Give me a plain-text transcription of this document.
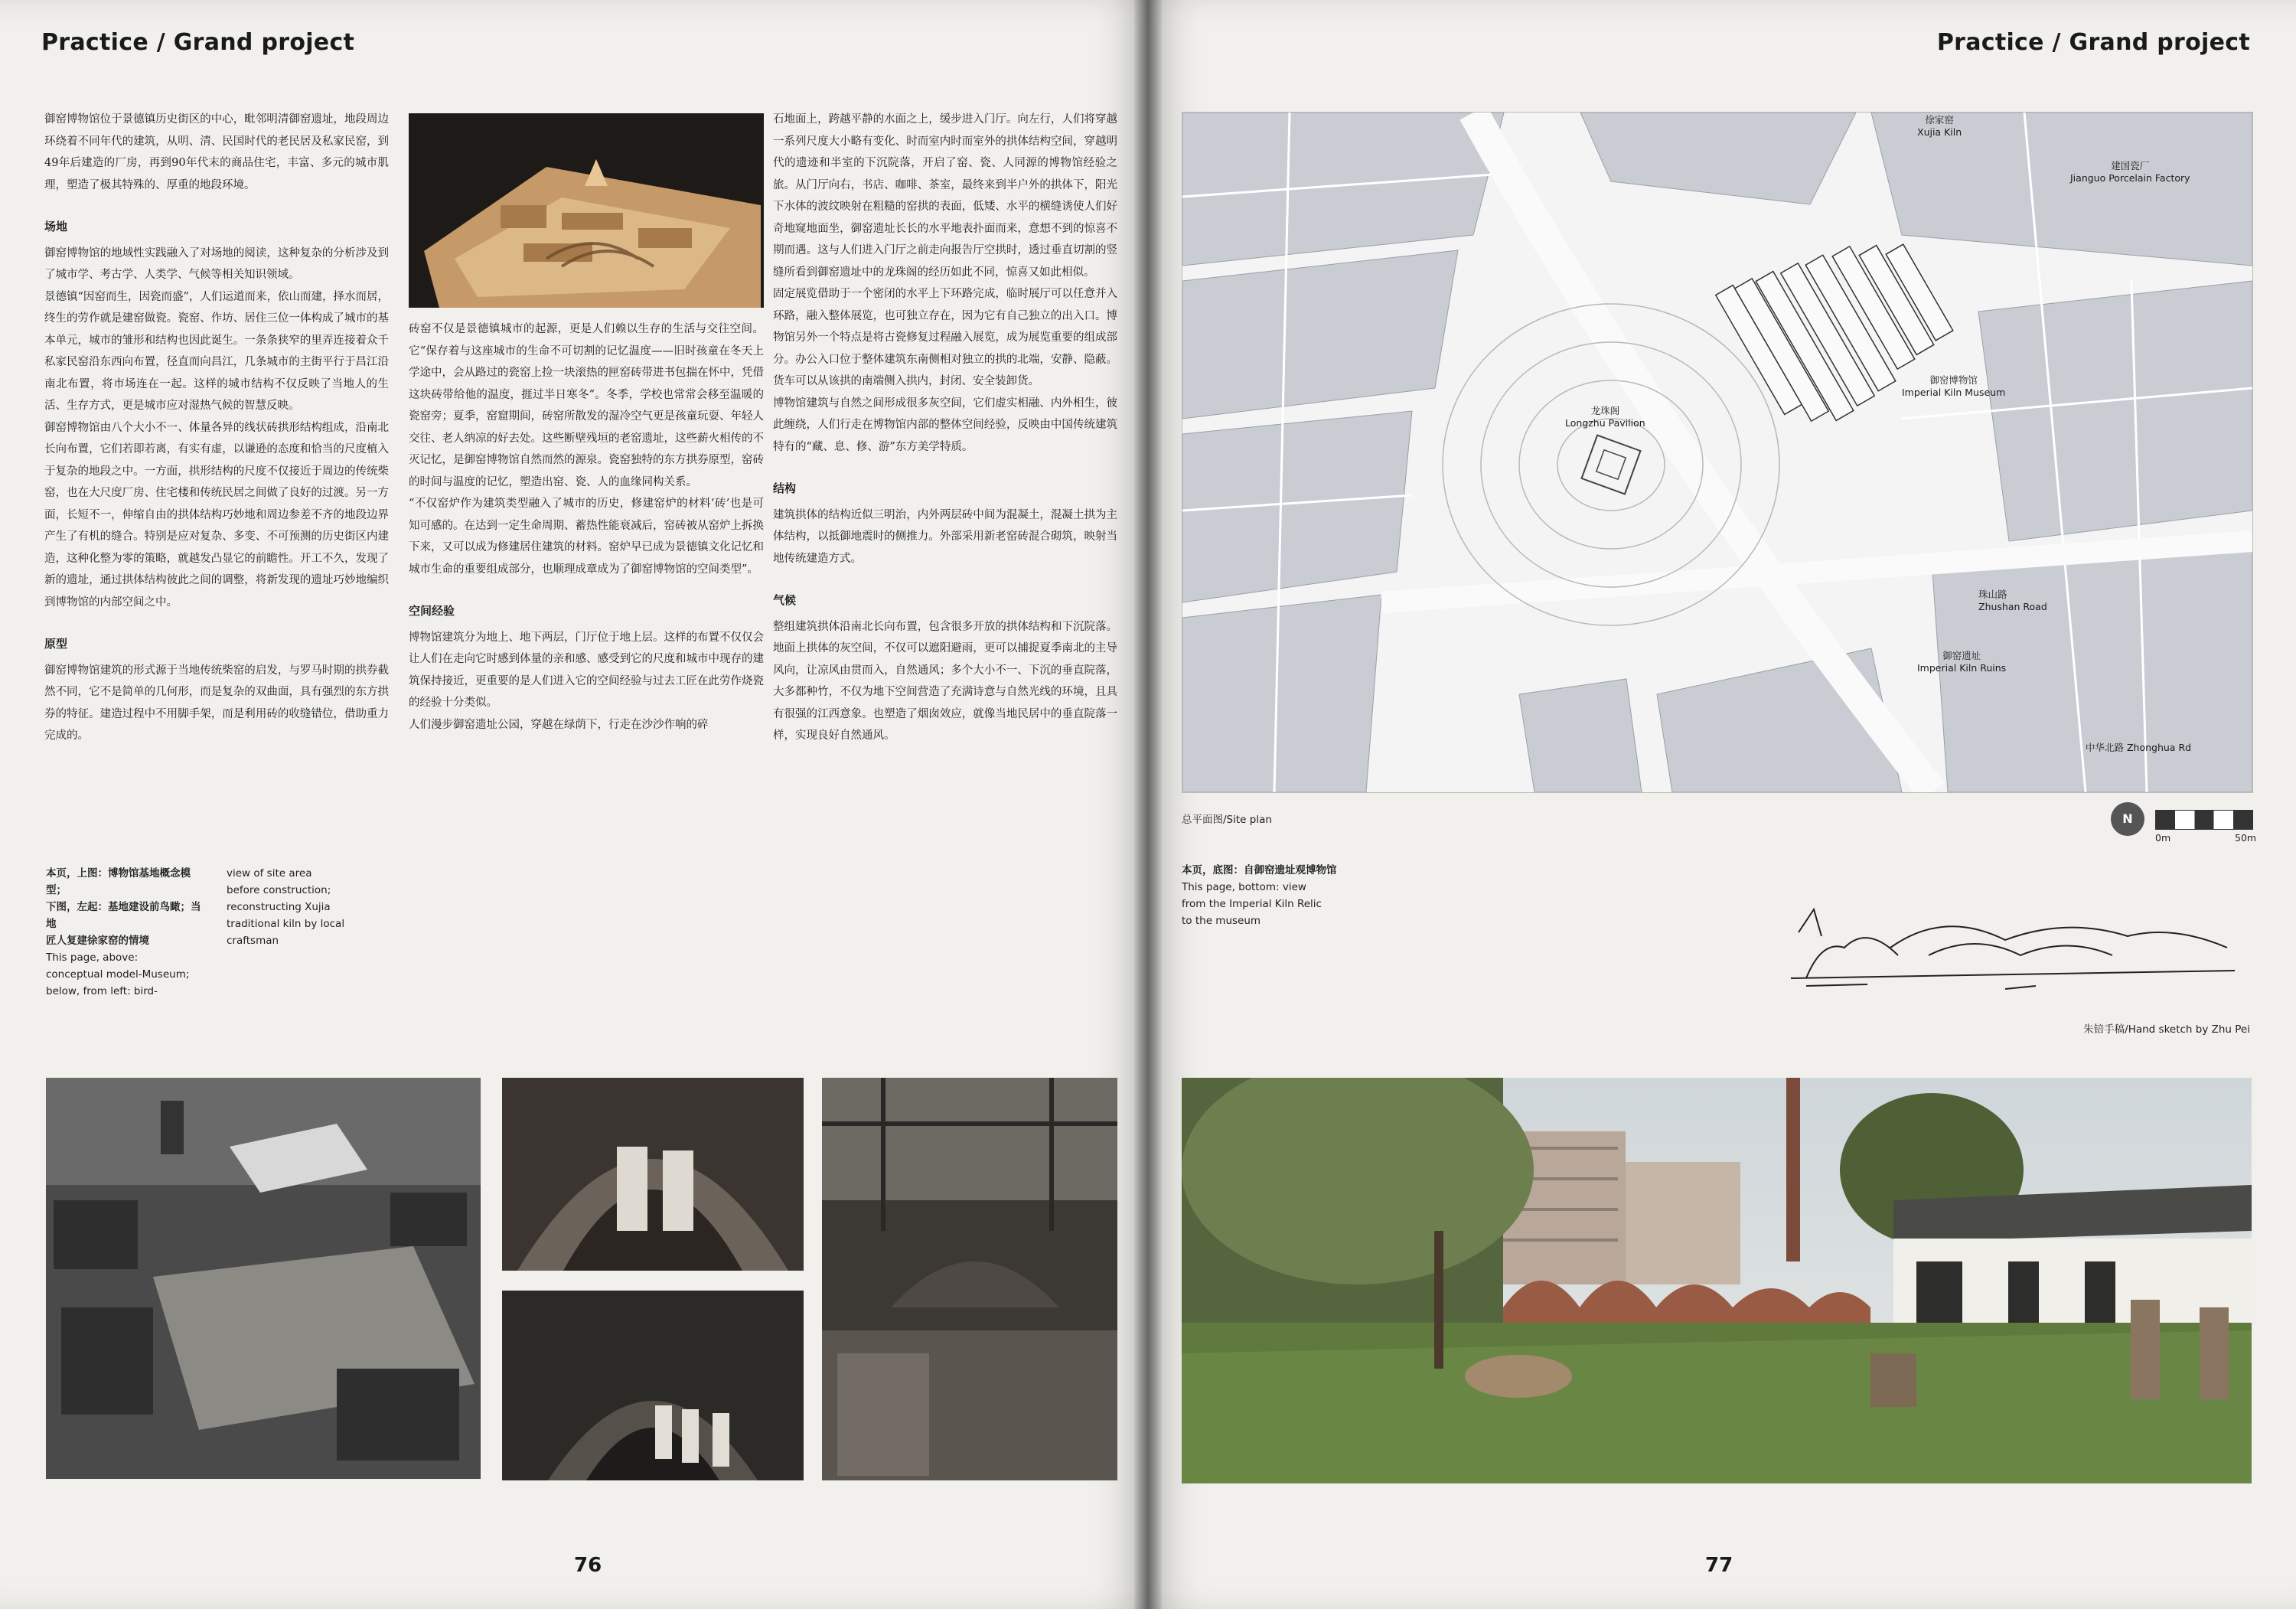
Practice / Grand project

御窑博物馆位于景德镇历史街区的中心，毗邻明清御窑遗址，地段周边环绕着不同年代的建筑，从明、清、民国时代的老民居及私家民窑，到49年后建造的厂房，再到90年代末的商品住宅，丰富、多元的城市肌理，塑造了极其特殊的、厚重的地段环境。

场地

御窑博物馆的地域性实践融入了对场地的阅读，这种复杂的分析涉及到了城市学、考古学、人类学、气候等相关知识领域。

景德镇“因窑而生，因瓷而盛”，人们运道而来，依山而建，择水而居，终生的劳作就是建窑做瓷。瓷窑、作坊、居住三位一体构成了城市的基本单元，城市的雏形和结构也因此诞生。一条条狭窄的里弄连接着众千私家民窑沿东西向布置，径直而向昌江，几条城市的主街平行于昌江沿南北布置，将市场连在一起。这样的城市结构不仅反映了当地人的生活、生存方式，更是城市应对湿热气候的智慧反映。

御窑博物馆由八个大小不一、体量各异的线状砖拱形结构组成，沿南北长向布置，它们若即若离，有实有虚，以谦逊的态度和恰当的尺度植入于复杂的地段之中。一方面，拱形结构的尺度不仅接近于周边的传统柴窑，也在大尺度厂房、住宅楼和传统民居之间做了良好的过渡。另一方面，长短不一，伸缩自由的拱体结构巧妙地和周边参差不齐的地段边界产生了有机的缝合。特别是应对复杂、多变、不可预测的历史街区内建造，这种化整为零的策略，就越发凸显它的前瞻性。开工不久，发现了新的遗址，通过拱体结构彼此之间的调整，将新发现的遗址巧妙地编织到博物馆的内部空间之中。

原型

御窑博物馆建筑的形式源于当地传统柴窑的启发，与罗马时期的拱券截然不同，它不是简单的几何形，而是复杂的双曲面，具有强烈的东方拱券的特征。建造过程中不用脚手架，而是利用砖的收缝错位，借助重力完成的。

砖窑不仅是景德镇城市的起源，更是人们赖以生存的生活与交往空间。它“保存着与这座城市的生命不可切割的记忆温度——旧时孩童在冬天上学途中，会从路过的瓷窑上捡一块滚热的匣窑砖带进书包揣在怀中，凭借这块砖带给他的温度，捱过半日寒冬”。冬季，学校也常常会移至温暖的瓷窑旁；夏季，窑窟期间，砖窑所散发的湿冷空气更是孩童玩耍、年轻人交往、老人纳凉的好去处。这些断壁残垣的老窑遗址，这些薪火相传的不灭记忆，是御窑博物馆自然而然的源泉。瓷窑独特的东方拱券原型，窑砖的时间与温度的记忆，塑造出窑、瓷、人的血缘同构关系。

“不仅窑炉作为建筑类型融入了城市的历史，修建窑炉的材料‘砖’也是可知可感的。在达到一定生命周期、蓄热性能衰减后，窑砖被从窑炉上拆换下来，又可以成为修建居住建筑的材料。窑炉早已成为景德镇文化记忆和城市生命的重要组成部分，也顺理成章成为了御窑博物馆的空间类型”。

空间经验

博物馆建筑分为地上、地下两层，门厅位于地上层。这样的布置不仅仅会让人们在走向它时感到体量的亲和感、感受到它的尺度和城市中现存的建筑保持接近，更重要的是人们进入它的空间经验与过去工匠在此劳作烧瓷的经验十分类似。

人们漫步御窑遗址公园，穿越在绿荫下，行走在沙沙作响的碎

石地面上，跨越平静的水面之上，缓步进入门厅。向左行，人们将穿越一系列尺度大小略有变化、时而室内时而室外的拱体结构空间，穿越明代的遗迹和半室的下沉院落，开启了窑、瓷、人同源的博物馆经验之旅。从门厅向右，书店、咖啡、茶室，最终来到半户外的拱体下，阳光下水体的波纹映射在粗糙的窑拱的表面，低矮、水平的横缝诱使人们好奇地窥地面坐，御窑遗址长长的水平地表扑面而来，意想不到的惊喜不期而遇。这与人们进入门厅之前走向报告厅空拱时，透过垂直切割的竖缝所看到御窑遗址中的龙珠阁的经历如此不同，惊喜又如此相似。

固定展览借助于一个密闭的水平上下环路完成，临时展厅可以任意并入环路，融入整体展览，也可独立存在，因为它有自己独立的出入口。博物馆另外一个特点是将古瓷修复过程融入展览，成为展览重要的组成部分。办公入口位于整体建筑东南侧相对独立的拱的北端，安静、隐蔽。货车可以从该拱的南端侧入拱内，封闭、安全装卸货。

博物馆建筑与自然之间形成很多灰空间，它们虚实相融、内外相生，彼此缠绕，人们行走在博物馆内部的整体空间经验，反映由中国传统建筑特有的“藏、息、修、游”东方美学特质。

结构

建筑拱体的结构近似三明治，内外两层砖中间为混凝土，混凝土拱为主体结构，以抵御地震时的侧推力。外部采用新老窑砖混合砌筑，映射当地传统建造方式。

气候

整组建筑拱体沿南北长向布置，包含很多开放的拱体结构和下沉院落。地面上拱体的灰空间，不仅可以遮阳避雨，更可以捕捉夏季南北的主导风向，让凉风由贯而入，自然通风；多个大小不一、下沉的垂直院落，大多都种竹，不仅为地下空间营造了充满诗意与自然光线的环境，且具有很强的江西意象。也塑造了烟囱效应，就像当地民居中的垂直院落一样，实现良好自然通风。

本页，上图：博物馆基地概念模型；
下图，左起：基地建设前鸟瞰；当地
匠人复建徐家窑的情境
This page, above:
conceptual model-Museum;
below, from left: bird-
view of site area
before construction;
reconstructing Xujia
traditional kiln by local
craftsman
76
Practice / Grand project
徐家窑
Xujia Kiln
建国瓷厂
Jianguo Porcelain Factory
御窑博物馆
Imperial Kiln Museum
龙珠阁
Longzhu Pavilion
珠山路
Zhushan Road
御窑遗址
Imperial Kiln Ruins
中华北路 Zhonghua Rd
总平面图/Site plan	N
0m	50m
本页，底图：自御窑遗址观博物馆
This page, bottom: view
from the Imperial Kiln Relic
to the museum
朱锫手稿/Hand sketch by Zhu Pei
77
